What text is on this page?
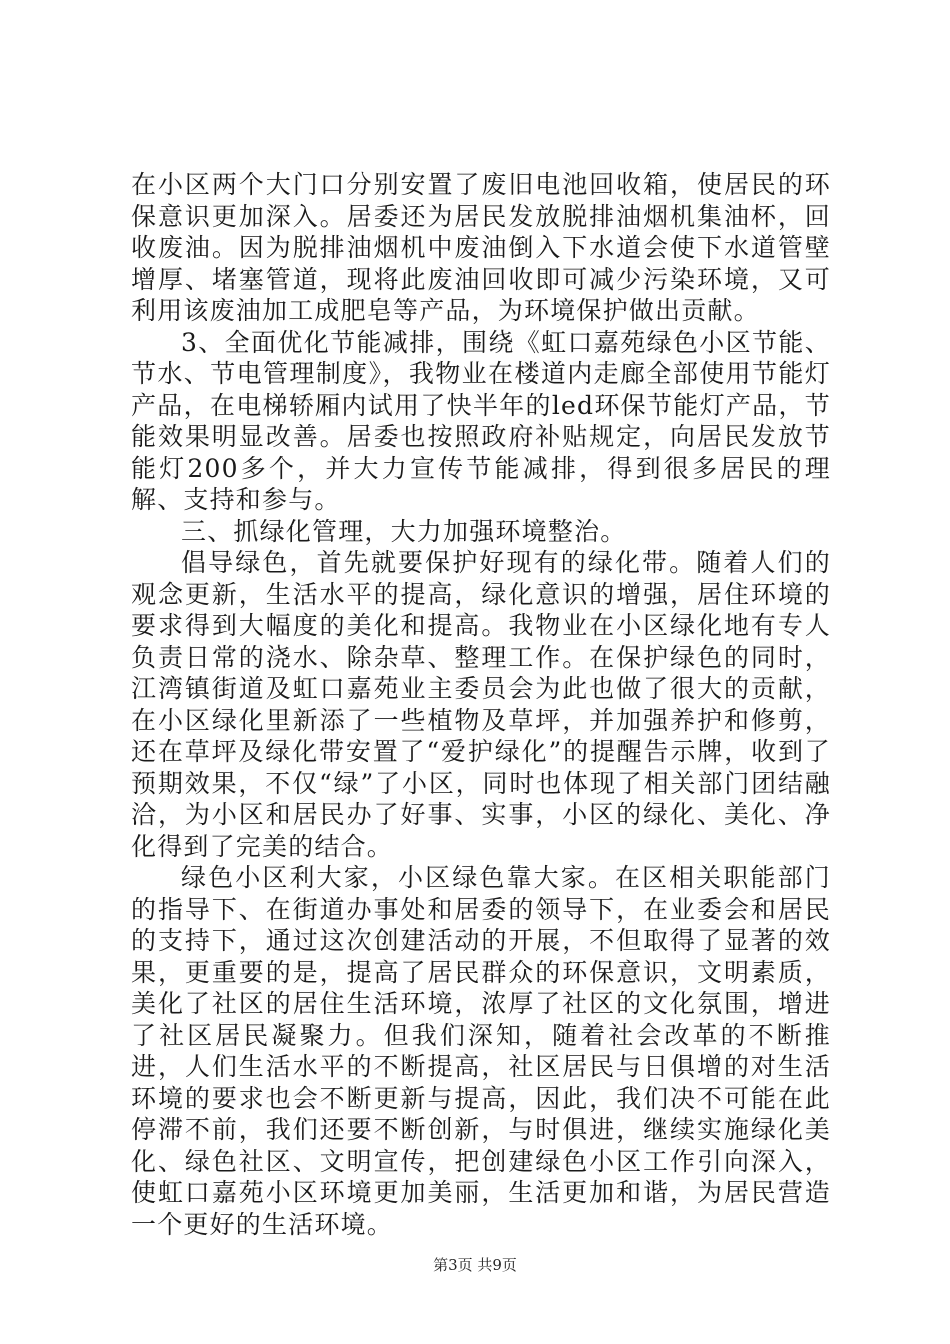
在小区两个大门口分别安置了废旧电池回收箱，使居民的环保意识更加深入。居委还为居民发放脱排油烟机集油杯，回收废油。因为脱排油烟机中废油倒入下水道会使下水道管壁增厚、堵塞管道，现将此废油回收即可减少污染环境，又可利用该废油加工成肥皂等产品，为环境保护做出贡献。

3、全面优化节能减排，围绕《虹口嘉苑绿色小区节能、节水、节电管理制度》，我物业在楼道内走廊全部使用节能灯产品，在电梯轿厢内试用了快半年的led环保节能灯产品，节能效果明显改善。居委也按照政府补贴规定，向居民发放节能灯200多个，并大力宣传节能减排，得到很多居民的理解、支持和参与。

三、抓绿化管理，大力加强环境整治。

倡导绿色，首先就要保护好现有的绿化带。随着人们的观念更新，生活水平的提高，绿化意识的增强，居住环境的要求得到大幅度的美化和提高。我物业在小区绿化地有专人负责日常的浇水、除杂草、整理工作。在保护绿色的同时，江湾镇街道及虹口嘉苑业主委员会为此也做了很大的贡献，在小区绿化里新添了一些植物及草坪，并加强养护和修剪，还在草坪及绿化带安置了“爱护绿化”的提醒告示牌，收到了预期效果，不仅“绿”了小区，同时也体现了相关部门团结融洽，为小区和居民办了好事、实事，小区的绿化、美化、净化得到了完美的结合。

绿色小区利大家，小区绿色靠大家。在区相关职能部门的指导下、在街道办事处和居委的领导下，在业委会和居民的支持下，通过这次创建活动的开展，不但取得了显著的效果，更重要的是，提高了居民群众的环保意识，文明素质，美化了社区的居住生活环境，浓厚了社区的文化氛围，增进了社区居民凝聚力。但我们深知，随着社会改革的不断推进，人们生活水平的不断提高，社区居民与日俱增的对生活环境的要求也会不断更新与提高，因此，我们决不可能在此停滞不前，我们还要不断创新，与时俱进，继续实施绿化美化、绿色社区、文明宣传，把创建绿色小区工作引向深入，使虹口嘉苑小区环境更加美丽，生活更加和谐，为居民营造一个更好的生活环境。

第3页 共9页
